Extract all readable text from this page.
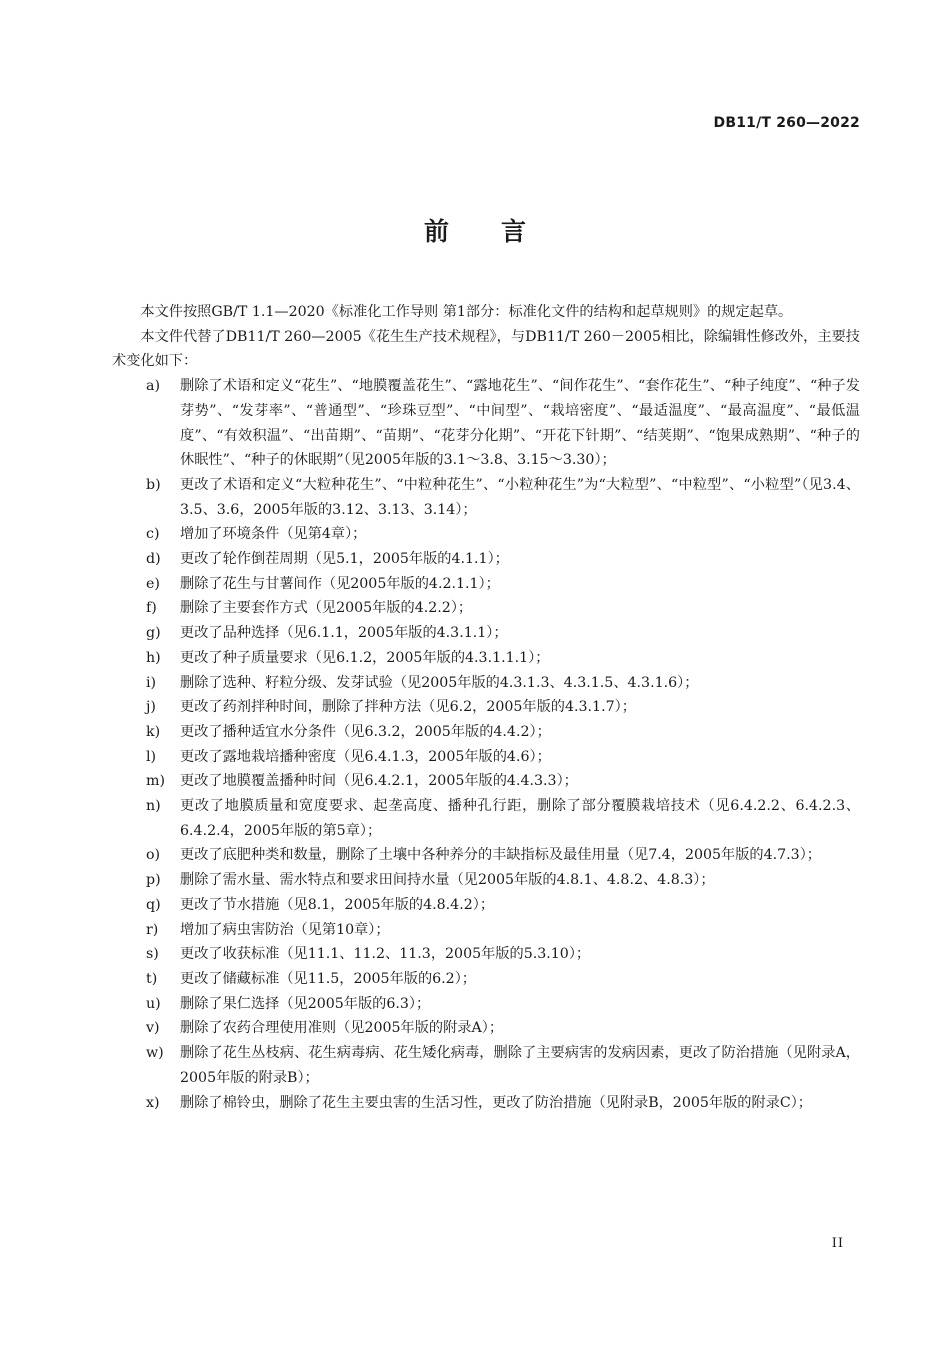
DB11/T 260—2022
前言

本文件按照GB/T 1.1—2020《标准化工作导则 第1部分：标准化文件的结构和起草规则》的规定起草。

本文件代替了DB11/T 260—2005《花生生产技术规程》，与DB11/T 260－2005相比，除编辑性修改外，主要技术变化如下：

a)	删除了术语和定义“花生”、“地膜覆盖花生”、“露地花生”、“间作花生”、“套作花生”、“种子纯度”、“种子发芽势”、“发芽率”、“普通型”、“珍珠豆型”、“中间型”、“栽培密度”、“最适温度”、“最高温度”、“最低温度”、“有效积温”、“出苗期”、“苗期”、“花芽分化期”、“开花下针期”、“结荚期”、“饱果成熟期”、“种子的休眠性”、“种子的休眠期”（见2005年版的3.1～3.8、3.15～3.30）；
b)	更改了术语和定义“大粒种花生”、“中粒种花生”、“小粒种花生”为“大粒型”、“中粒型”、“小粒型”（见3.4、3.5、3.6，2005年版的3.12、3.13、3.14）；
c)	增加了环境条件（见第4章）；
d)	更改了轮作倒茬周期（见5.1，2005年版的4.1.1）；
e)	删除了花生与甘薯间作（见2005年版的4.2.1.1）；
f)	删除了主要套作方式（见2005年版的4.2.2）；
g)	更改了品种选择（见6.1.1，2005年版的4.3.1.1）；
h)	更改了种子质量要求（见6.1.2，2005年版的4.3.1.1.1）；
i)	删除了选种、籽粒分级、发芽试验（见2005年版的4.3.1.3、4.3.1.5、4.3.1.6）；
j)	更改了药剂拌种时间，删除了拌种方法（见6.2，2005年版的4.3.1.7）；
k)	更改了播种适宜水分条件（见6.3.2，2005年版的4.4.2）；
l)	更改了露地栽培播种密度（见6.4.1.3，2005年版的4.6）；
m)	更改了地膜覆盖播种时间（见6.4.2.1，2005年版的4.4.3.3）；
n)	更改了地膜质量和宽度要求、起垄高度、播种孔行距，删除了部分覆膜栽培技术（见6.4.2.2、6.4.2.3、6.4.2.4，2005年版的第5章）；
o)	更改了底肥种类和数量，删除了土壤中各种养分的丰缺指标及最佳用量（见7.4，2005年版的4.7.3）；
p)	删除了需水量、需水特点和要求田间持水量（见2005年版的4.8.1、4.8.2、4.8.3）；
q)	更改了节水措施（见8.1，2005年版的4.8.4.2）；
r)	增加了病虫害防治（见第10章）；
s)	更改了收获标准（见11.1、11.2、11.3，2005年版的5.3.10）；
t)	更改了储藏标准（见11.5，2005年版的6.2）；
u)	删除了果仁选择（见2005年版的6.3）；
v)	删除了农药合理使用准则（见2005年版的附录A）；
w)	删除了花生丛枝病、花生病毒病、花生矮化病毒，删除了主要病害的发病因素，更改了防治措施（见附录A，2005年版的附录B）；
x)	删除了棉铃虫，删除了花生主要虫害的生活习性，更改了防治措施（见附录B，2005年版的附录C）；
II
